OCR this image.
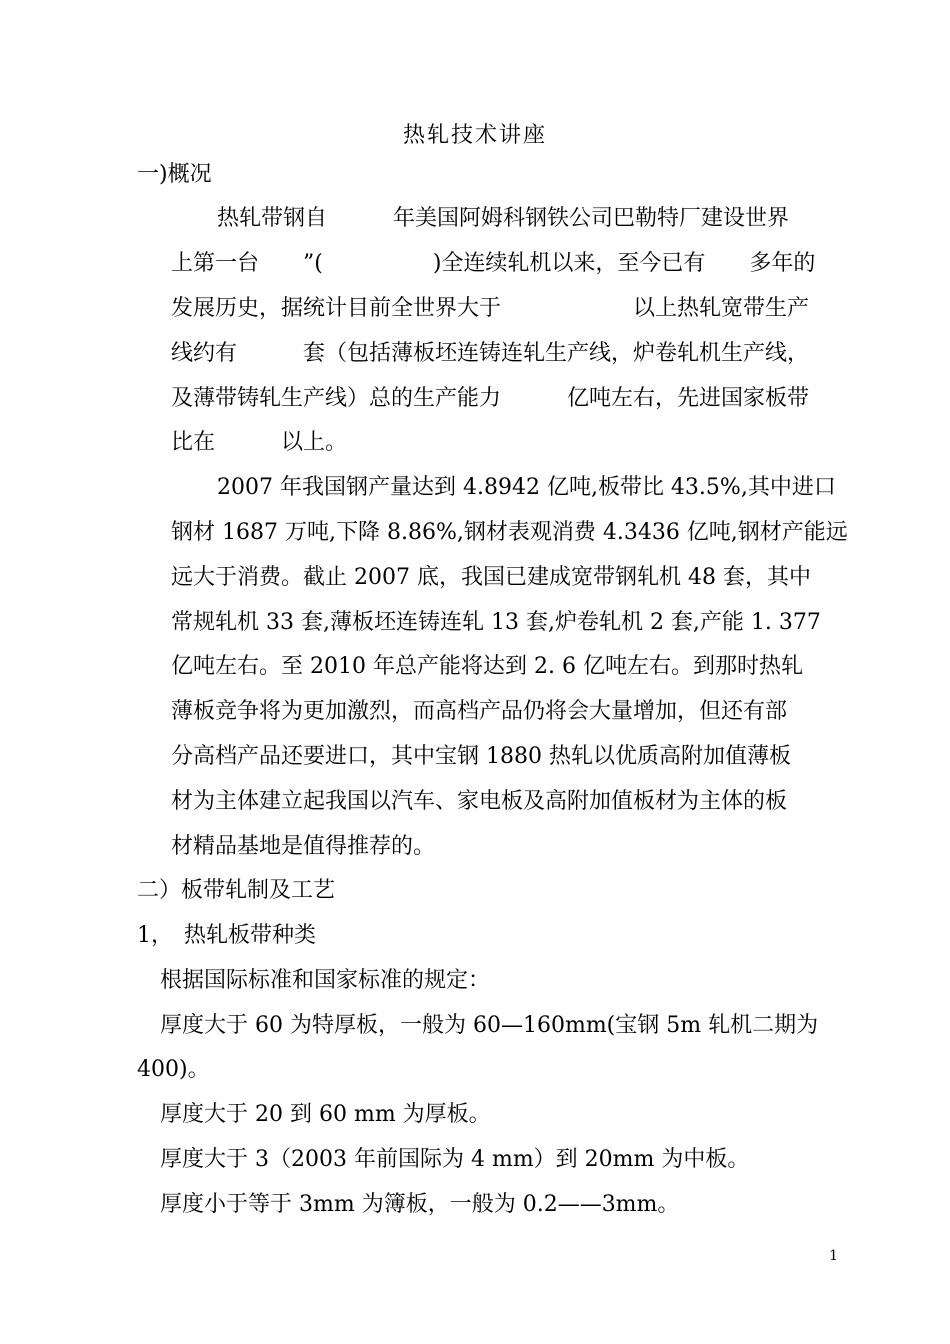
热轧技术讲座
一)概况
热轧带钢自　　　年美国阿姆科钢铁公司巴勒特厂建设世界
上第一台　　”(　　　　　)全连续轧机以来，至今已有　　多年的
发展历史，据统计目前全世界大于　　　　　　以上热轧宽带生产
线约有　　　套（包括薄板坯连铸连轧生产线，炉卷轧机生产线，
及薄带铸轧生产线）总的生产能力　　　亿吨左右，先进国家板带
比在　　　以上。
2007 年我国钢产量达到 4.8942 亿吨,板带比 43.5%,其中进口
钢材 1687 万吨,下降 8.86%,钢材表观消费 4.3436 亿吨,钢材产能远
远大于消费。截止 2007 底，我国已建成宽带钢轧机 48 套，其中
常规轧机 33 套,薄板坯连铸连轧 13 套,炉卷轧机 2 套,产能 1. 377
亿吨左右。至 2010 年总产能将达到 2. 6 亿吨左右。到那时热轧
薄板竞争将为更加激烈，而高档产品仍将会大量增加，但还有部
分高档产品还要进口，其中宝钢 1880 热轧以优质高附加值薄板
材为主体建立起我国以汽车、家电板及高附加值板材为主体的板
材精品基地是值得推荐的。
二）板带轧制及工艺
1，　热轧板带种类
根据国际标准和国家标准的规定：
厚度大于 60 为特厚板，一般为 60—160mm(宝钢 5m 轧机二期为
400)。
厚度大于 20 到 60 mm 为厚板。
厚度大于 3（2003 年前国际为 4 mm）到 20mm 为中板。
厚度小于等于 3mm 为簿板，一般为 0.2——3mm。
1
